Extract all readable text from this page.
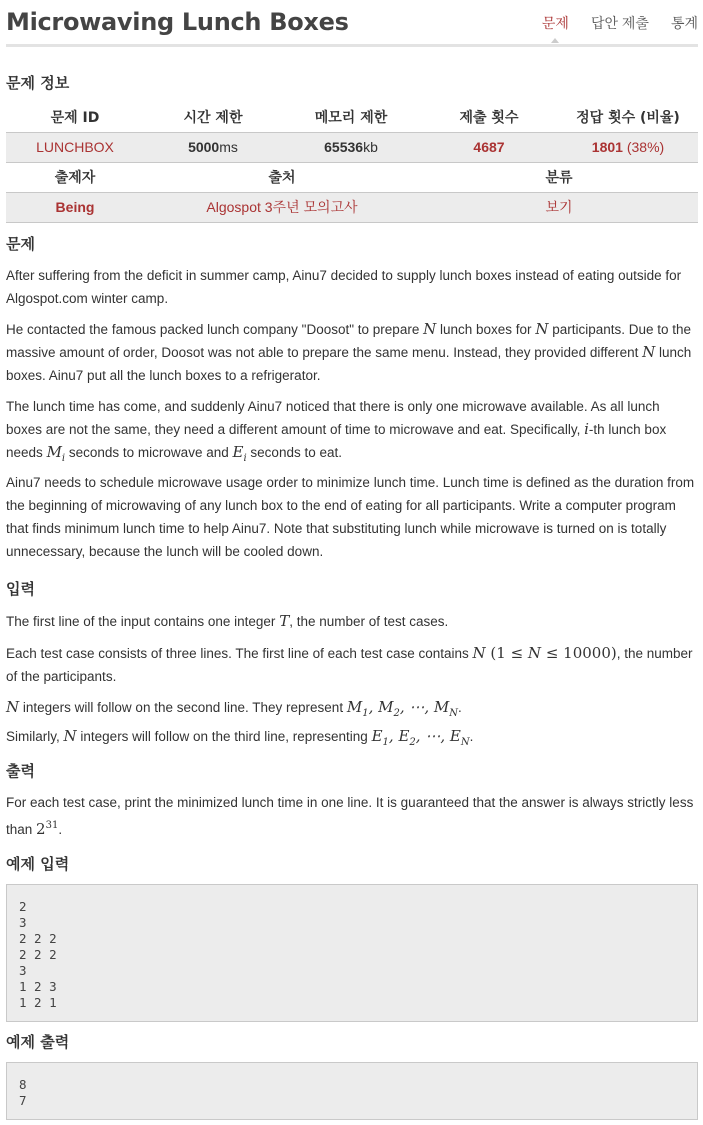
Microwaving Lunch Boxes	문제 답안 제출 통계
문제 정보
문제 ID	시간 제한	메모리 제한	제출 횟수	정답 횟수 (비율)
LUNCHBOX	5000ms	65536kb	4687	1801 (38%)
출제자	출처	분류
Being	Algospot 3주년 모의고사	보기
문제
After suffering from the deficit in summer camp, Ainu7 decided to supply lunch boxes instead of eating outside for Algospot.com winter camp.
He contacted the famous packed lunch company "Doosot" to prepare N lunch boxes for N participants. Due to the massive amount of order, Doosot was not able to prepare the same menu. Instead, they provided different N lunch boxes. Ainu7 put all the lunch boxes to a refrigerator.
The lunch time has come, and suddenly Ainu7 noticed that there is only one microwave available. As all lunch boxes are not the same, they need a different amount of time to microwave and eat. Specifically, i-th lunch box needs $M_i$ seconds to microwave and $E_i$ seconds to eat.
Ainu7 needs to schedule microwave usage order to minimize lunch time. Lunch time is defined as the duration from the beginning of microwaving of any lunch box to the end of eating for all participants. Write a computer program that finds minimum lunch time to help Ainu7. Note that substituting lunch while microwave is turned on is totally unnecessary, because the lunch will be cooled down.
입력
The first line of the input contains one integer T, the number of test cases.
Each test case consists of three lines. The first line of each test case contains N (1 ≤ N ≤ 10000), the number of the participants.
N integers will follow on the second line. They represent $M_1$, $M_2$, ⋯, $M_N$.
Similarly, N integers will follow on the third line, representing $E_1$, $E_2$, ⋯, $E_N$.
출력
For each test case, print the minimized lunch time in one line. It is guaranteed that the answer is always strictly less than $2^{31}$.
예제 입력
2
3
2 2 2
2 2 2
3
1 2 3
1 2 1
예제 출력
8
7
